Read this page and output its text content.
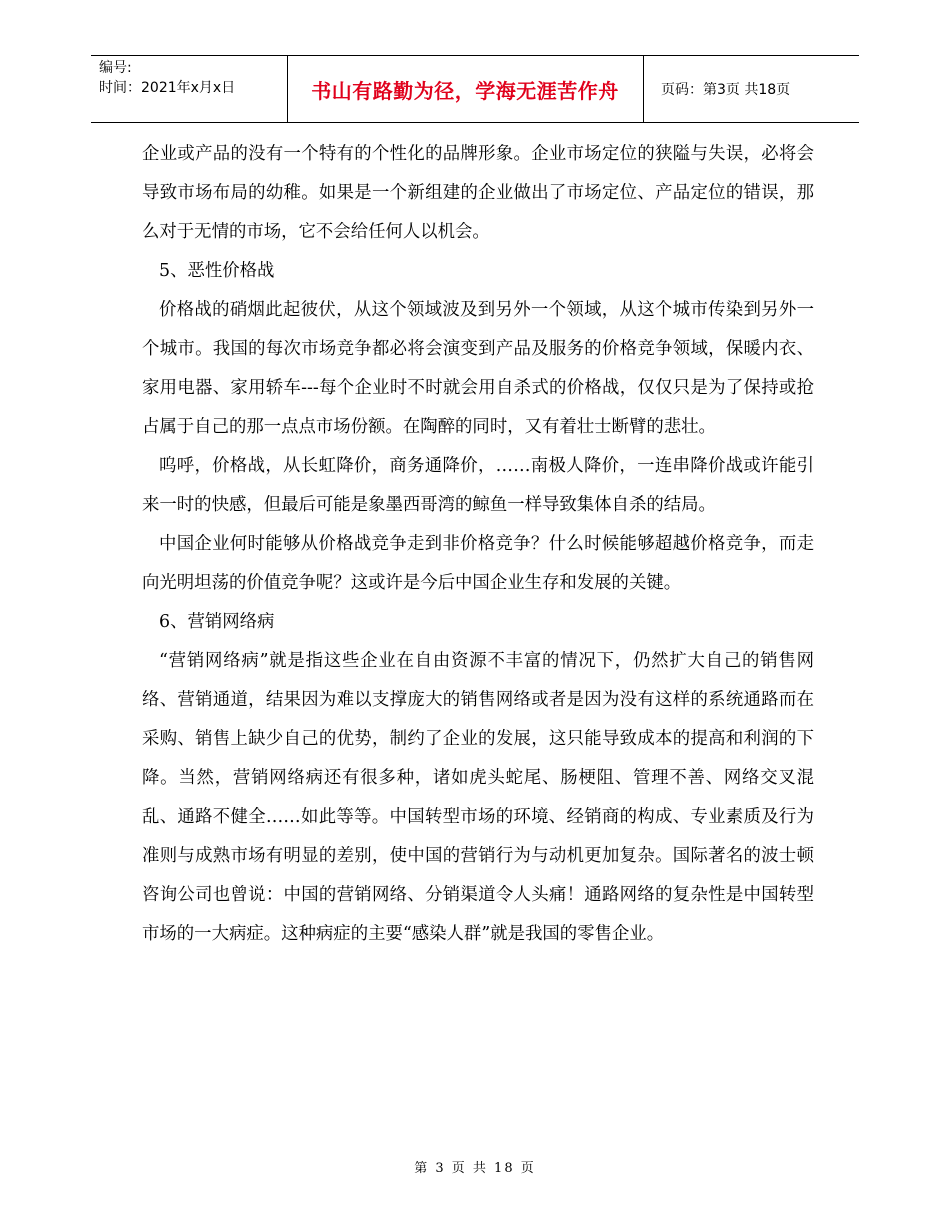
编号:
时间：2021年x月x日	书山有路勤为径，学海无涯苦作舟	页码：第3页 共18页

企业或产品的没有一个特有的个性化的品牌形象。企业市场定位的狭隘与失误，必将会导致市场布局的幼稚。如果是一个新组建的企业做出了市场定位、产品定位的错误，那么对于无情的市场，它不会给任何人以机会。

5、恶性价格战

价格战的硝烟此起彼伏，从这个领域波及到另外一个领域，从这个城市传染到另外一个城市。我国的每次市场竞争都必将会演变到产品及服务的价格竞争领域，保暖内衣、家用电器、家用轿车---每个企业时不时就会用自杀式的价格战，仅仅只是为了保持或抢占属于自己的那一点点市场份额。在陶醉的同时，又有着壮士断臂的悲壮。

呜呼，价格战，从长虹降价，商务通降价，……南极人降价，一连串降价战或许能引来一时的快感，但最后可能是象墨西哥湾的鲸鱼一样导致集体自杀的结局。

中国企业何时能够从价格战竞争走到非价格竞争？什么时候能够超越价格竞争，而走向光明坦荡的价值竞争呢？这或许是今后中国企业生存和发展的关键。

6、营销网络病

“营销网络病”就是指这些企业在自由资源不丰富的情况下，仍然扩大自己的销售网络、营销通道，结果因为难以支撑庞大的销售网络或者是因为没有这样的系统通路而在采购、销售上缺少自己的优势，制约了企业的发展，这只能导致成本的提高和利润的下降。当然，营销网络病还有很多种，诸如虎头蛇尾、肠梗阻、管理不善、网络交叉混乱、通路不健全……如此等等。中国转型市场的环境、经销商的构成、专业素质及行为准则与成熟市场有明显的差别，使中国的营销行为与动机更加复杂。国际著名的波士顿咨询公司也曾说：中国的营销网络、分销渠道令人头痛！通路网络的复杂性是中国转型市场的一大病症。这种病症的主要“感染人群”就是我国的零售企业。

第 3 页 共 18 页
